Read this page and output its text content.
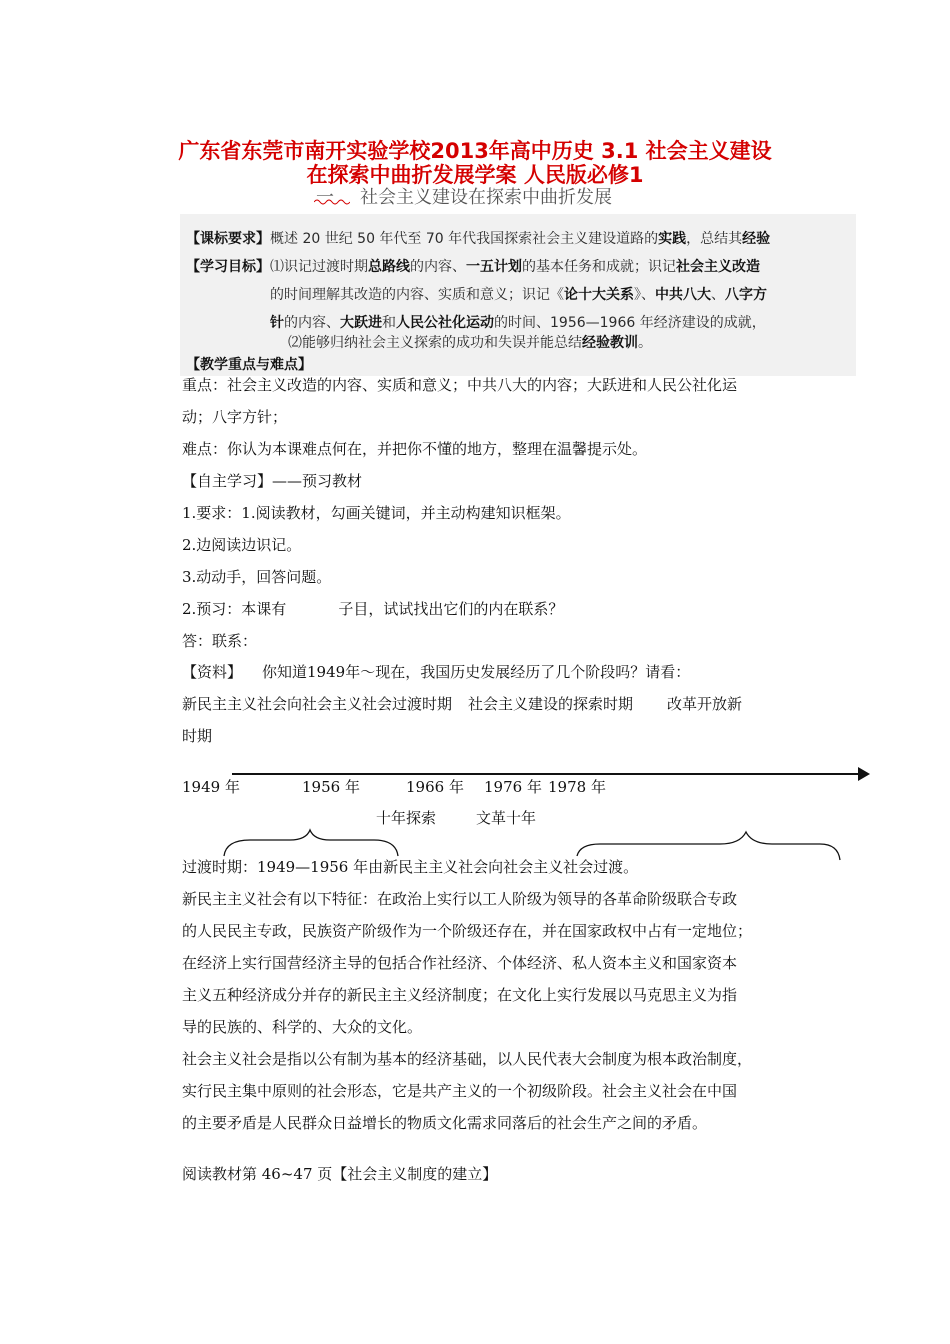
广东省东莞市南开实验学校2013年高中历史 3.1 社会主义建设
在探索中曲折发展学案 人民版必修1
一 社会主义建设在探索中曲折发展
【课标要求】概述 20 世纪 50 年代至 70 年代我国探索社会主义建设道路的实践，总结其经验
【学习目标】⑴识记过渡时期总路线的内容、一五计划的基本任务和成就；识记社会主义改造
的时间理解其改造的内容、实质和意义；识记《论十大关系》、中共八大、八字方
针的内容、大跃进和人民公社化运动的时间、1956—1966 年经济建设的成就，
⑵能够归纳社会主义探索的成功和失误并能总结经验教训。
【教学重点与难点】
重点：社会主义改造的内容、实质和意义；中共八大的内容；大跃进和人民公社化运
动；八字方针；
难点：你认为本课难点何在，并把你不懂的地方，整理在温馨提示处。
【自主学习】——预习教材
1.要求：1.阅读教材，勾画关键词，并主动构建知识框架。
2.边阅读边识记。
3.动动手，回答问题。
2.预习：本课有	子目，试试找出它们的内在联系？
答：联系：
【资料】 你知道1949年～现在，我国历史发展经历了几个阶段吗？请看：
新民主主义社会向社会主义社会过渡时期 社会主义建设的探索时期 改革开放新
时期
1949 年	1956 年	1966 年 1976 年 1978 年
十年探索	文革十年
过渡时期：1949—1956 年由新民主主义社会向社会主义社会过渡。
新民主主义社会有以下特征：在政治上实行以工人阶级为领导的各革命阶级联合专政
的人民民主专政，民族资产阶级作为一个阶级还存在，并在国家政权中占有一定地位；
在经济上实行国营经济主导的包括合作社经济、个体经济、私人资本主义和国家资本
主义五种经济成分并存的新民主主义经济制度；在文化上实行发展以马克思主义为指
导的民族的、科学的、大众的文化。
社会主义社会是指以公有制为基本的经济基础，以人民代表大会制度为根本政治制度，
实行民主集中原则的社会形态，它是共产主义的一个初级阶段。社会主义社会在中国
的主要矛盾是人民群众日益增长的物质文化需求同落后的社会生产之间的矛盾。
阅读教材第 46~47 页【社会主义制度的建立】
